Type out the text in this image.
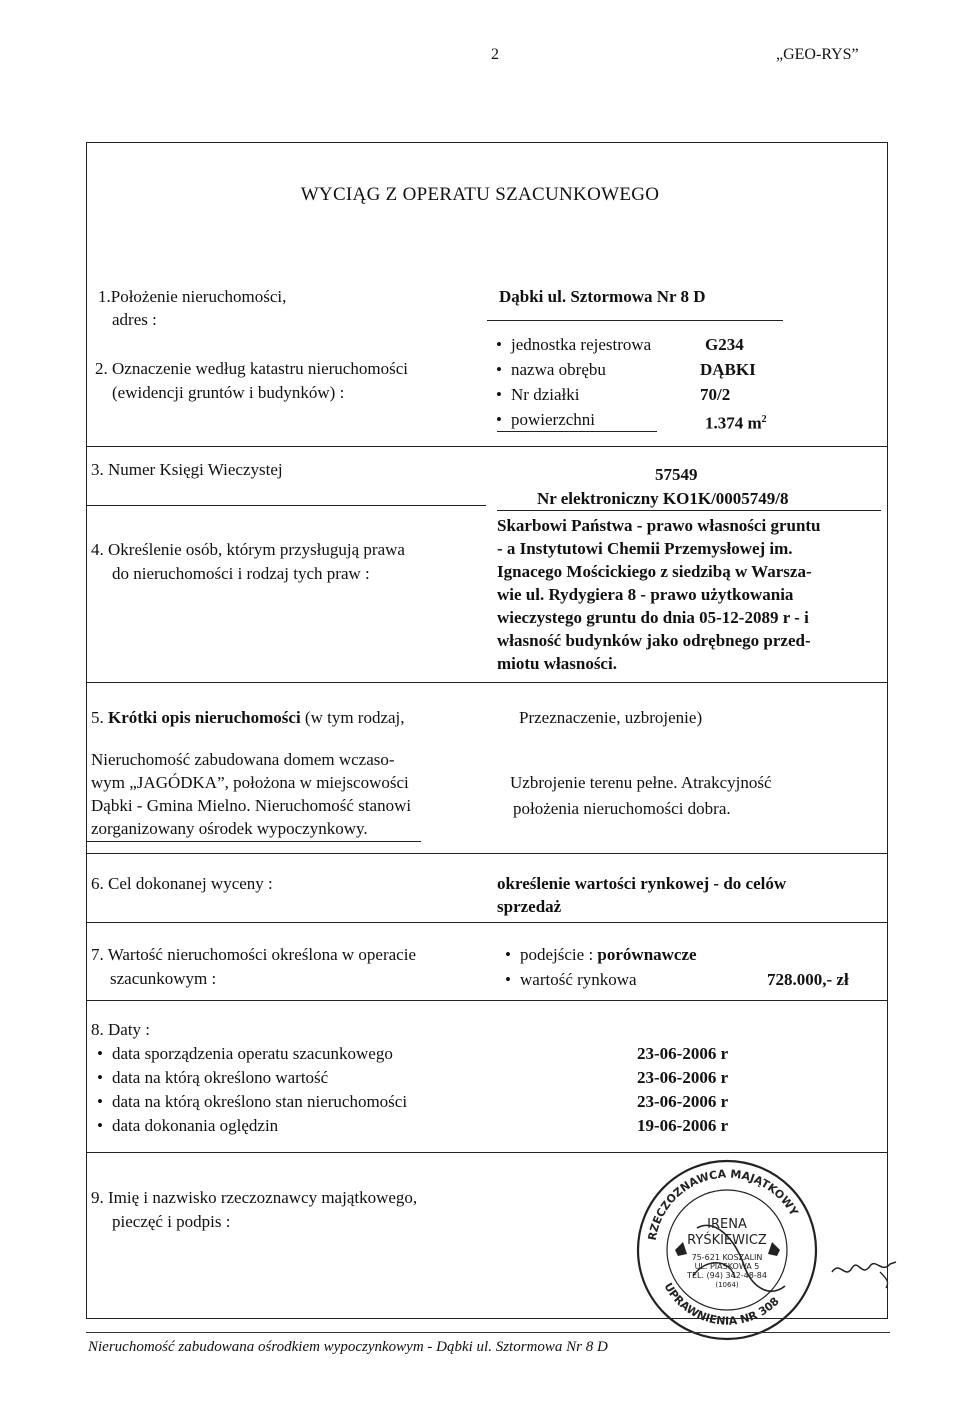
2	„GEO-RYS”
WYCIĄG Z OPERATU SZACUNKOWEGO
1.Położenie nieruchomości,
adres :
Dąbki ul. Sztormowa Nr 8 D
2. Oznaczenie według katastru nieruchomości
(ewidencji gruntów i budynków) :
• jednostka rejestrowa	G234
• nazwa obrębu	DĄBKI
• Nr działki	70/2
• powierzchni	1.374 $m^2$
3. Numer Księgi Wieczystej	57549
Nr elektroniczny KO1K/0005749/8
4. Określenie osób, którym przysługują prawa
do nieruchomości i rodzaj tych praw :
Skarbowi Państwa - prawo własności gruntu
- a Instytutowi Chemii Przemysłowej im.
Ignacego Mościckiego z siedzibą w Warsza-
wie ul. Rydygiera 8 - prawo użytkowania
wieczystego gruntu do dnia 05-12-2089 r - i
własność budynków jako odrębnego przed-
miotu własności.
5. Krótki opis nieruchomości (w tym rodzaj,	Przeznaczenie, uzbrojenie)
Nieruchomość zabudowana domem wczaso-
wym „JAGÓDKA”, położona w miejscowości
Dąbki - Gmina Mielno. Nieruchomość stanowi
zorganizowany ośrodek wypoczynkowy.
Uzbrojenie terenu pełne. Atrakcyjność
położenia nieruchomości dobra.
6. Cel dokonanej wyceny :	określenie wartości rynkowej - do celów
sprzedaż
7. Wartość nieruchomości określona w operacie
szacunkowym :
• podejście : porównawcze
• wartość rynkowa	728.000,- zł
8. Daty :
• data sporządzenia operatu szacunkowego	23-06-2006 r
• data na którą określono wartość	23-06-2006 r
• data na którą określono stan nieruchomości	23-06-2006 r
• data dokonania oględzin	19-06-2006 r
9. Imię i nazwisko rzeczoznawcy majątkowego,
pieczęć i podpis :
RZECZOZNAWCA MAJĄTKOWY
UPRAWNIENIA NR 308
IRENA
RYŚKIEWICZ
75-621 KOSZALIN
UL. PIASKOWA 5
TEL. (94) 342-48-84
(1064)
Nieruchomość zabudowana ośrodkiem wypoczynkowym - Dąbki ul. Sztormowa Nr 8 D
